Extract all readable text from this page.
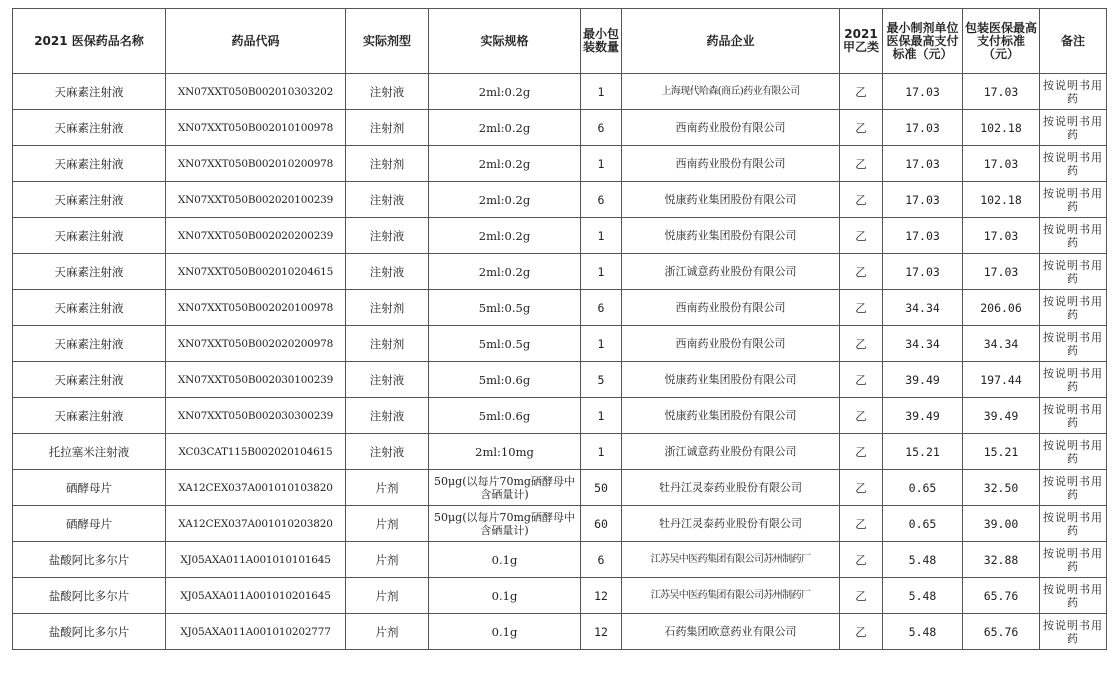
2021 医保药品名称	药品代码	实际剂型	实际规格	最小包装数量	药品企业	2021甲乙类	最小制剂单位医保最高支付标准（元）	包装医保最高支付标准（元）	备注
天麻素注射液	XN07XXT050B002010303202	注射液	2ml:0.2g	1	上海现代哈森(商丘)药业有限公司	乙	17.03	17.03	按说明书用药
天麻素注射液	XN07XXT050B002010100978	注射剂	2ml:0.2g	6	西南药业股份有限公司	乙	17.03	102.18	按说明书用药
天麻素注射液	XN07XXT050B002010200978	注射剂	2ml:0.2g	1	西南药业股份有限公司	乙	17.03	17.03	按说明书用药
天麻素注射液	XN07XXT050B002020100239	注射液	2ml:0.2g	6	悦康药业集团股份有限公司	乙	17.03	102.18	按说明书用药
天麻素注射液	XN07XXT050B002020200239	注射液	2ml:0.2g	1	悦康药业集团股份有限公司	乙	17.03	17.03	按说明书用药
天麻素注射液	XN07XXT050B002010204615	注射液	2ml:0.2g	1	浙江诚意药业股份有限公司	乙	17.03	17.03	按说明书用药
天麻素注射液	XN07XXT050B002020100978	注射剂	5ml:0.5g	6	西南药业股份有限公司	乙	34.34	206.06	按说明书用药
天麻素注射液	XN07XXT050B002020200978	注射剂	5ml:0.5g	1	西南药业股份有限公司	乙	34.34	34.34	按说明书用药
天麻素注射液	XN07XXT050B002030100239	注射液	5ml:0.6g	5	悦康药业集团股份有限公司	乙	39.49	197.44	按说明书用药
天麻素注射液	XN07XXT050B002030300239	注射液	5ml:0.6g	1	悦康药业集团股份有限公司	乙	39.49	39.49	按说明书用药
托拉塞米注射液	XC03CAT115B002020104615	注射液	2ml:10mg	1	浙江诚意药业股份有限公司	乙	15.21	15.21	按说明书用药
硒酵母片	XA12CEX037A001010103820	片剂	50μg(以每片70mg硒酵母中含硒量计)	50	牡丹江灵泰药业股份有限公司	乙	0.65	32.50	按说明书用药
硒酵母片	XA12CEX037A001010203820	片剂	50μg(以每片70mg硒酵母中含硒量计)	60	牡丹江灵泰药业股份有限公司	乙	0.65	39.00	按说明书用药
盐酸阿比多尔片	XJ05AXA011A001010101645	片剂	0.1g	6	江苏吴中医药集团有限公司苏州制药厂	乙	5.48	32.88	按说明书用药
盐酸阿比多尔片	XJ05AXA011A001010201645	片剂	0.1g	12	江苏吴中医药集团有限公司苏州制药厂	乙	5.48	65.76	按说明书用药
盐酸阿比多尔片	XJ05AXA011A001010202777	片剂	0.1g	12	石药集团欧意药业有限公司	乙	5.48	65.76	按说明书用药
